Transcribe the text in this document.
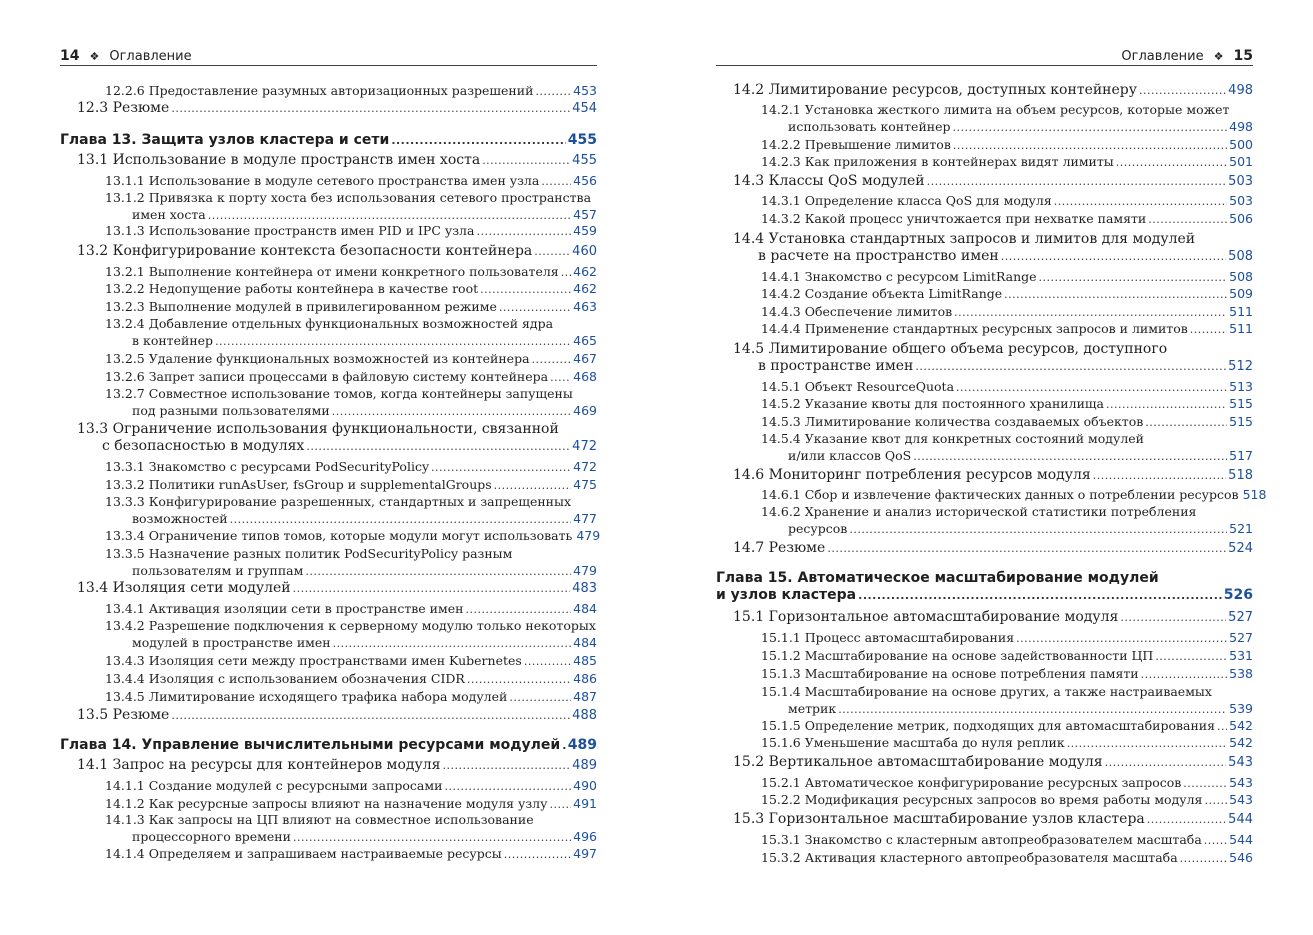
14 ❖ Оглавление
12.2.6 Предоставление разумных авторизационных разрешений .....	453
12.3 Резюме .....	454
Глава 13. Защита узлов кластера и сети .....	455
13.1 Использование в модуле пространств имен хоста .....	455
13.1.1 Использование в модуле сетевого пространства имен узла .....	456
13.1.2 Привязка к порту хоста без использования сетевого пространства
имен хоста .....	457
13.1.3 Использование пространств имен PID и IPC узла .....	459
13.2 Конфигурирование контекста безопасности контейнера .....	460
13.2.1 Выполнение контейнера от имени конкретного пользователя ..... 462
13.2.2 Недопущение работы контейнера в качестве root .....	462
13.2.3 Выполнение модулей в привилегированном режиме .....	463
13.2.4 Добавление отдельных функциональных возможностей ядра
в контейнер .....	465
13.2.5 Удаление функциональных возможностей из контейнера .....	467
13.2.6 Запрет записи процессами в файловую систему контейнера ..... 468
13.2.7 Совместное использование томов, когда контейнеры запущены
под разными пользователями .....	469
13.3 Ограничение использования функциональности, связанной
с безопасностью в модулях .....	472
13.3.1 Знакомство с ресурсами PodSecurityPolicy .....	472
13.3.2 Политики runAsUser, fsGroup и supplementalGroups .....	475
13.3.3 Конфигурирование разрешенных, стандартных и запрещенных
возможностей .....	477
13.3.4 Ограничение типов томов, которые модули могут использовать 479
13.3.5 Назначение разных политик PodSecurityPolicy разным
пользователям и группам .....	479
13.4 Изоляция сети модулей .....	483
13.4.1 Активация изоляции сети в пространстве имен .....	484
13.4.2 Разрешение подключения к серверному модулю только некоторых
модулей в пространстве имен .....	484
13.4.3 Изоляция сети между пространствами имен Kubernetes .....	485
13.4.4 Изоляция с использованием обозначения CIDR .....	486
13.4.5 Лимитирование исходящего трафика набора модулей .....	487
13.5 Резюме .....	488
Глава 14. Управление вычислительными ресурсами модулей ..... 489
14.1 Запрос на ресурсы для контейнеров модуля .....	489
14.1.1 Создание модулей с ресурсными запросами .....	490
14.1.2 Как ресурсные запросы влияют на назначение модуля узлу ..... 491
14.1.3 Как запросы на ЦП влияют на совместное использование
процессорного времени .....	496
14.1.4 Определяем и запрашиваем настраиваемые ресурсы .....	497
Оглавление ❖ 15
14.2 Лимитирование ресурсов, доступных контейнеру .....	498
14.2.1 Установка жесткого лимита на объем ресурсов, которые может
использовать контейнер .....	498
14.2.2 Превышение лимитов .....	500
14.2.3 Как приложения в контейнерах видят лимиты .....	501
14.3 Классы QoS модулей .....	503
14.3.1 Определение класса QoS для модуля .....	503
14.3.2 Какой процесс уничтожается при нехватке памяти .....	506
14.4 Установка стандартных запросов и лимитов для модулей
в расчете на пространство имен .....	508
14.4.1 Знакомство с ресурсом LimitRange .....	508
14.4.2 Создание объекта LimitRange .....	509
14.4.3 Обеспечение лимитов .....	511
14.4.4 Применение стандартных ресурсных запросов и лимитов .....	511
14.5 Лимитирование общего объема ресурсов, доступного
в пространстве имен .....	512
14.5.1 Объект ResourceQuota .....	513
14.5.2 Указание квоты для постоянного хранилища .....	515
14.5.3 Лимитирование количества создаваемых объектов .....	515
14.5.4 Указание квот для конкретных состояний модулей
и/или классов QoS .....	517
14.6 Мониторинг потребления ресурсов модуля .....	518
14.6.1 Сбор и извлечение фактических данных о потреблении ресурсов 518
14.6.2 Хранение и анализ исторической статистики потребления
ресурсов .....	521
14.7 Резюме .....	524
Глава 15. Автоматическое масштабирование модулей
и узлов кластера .....	526
15.1 Горизонтальное автомасштабирование модуля .....	527
15.1.1 Процесс автомасштабирования .....	527
15.1.2 Масштабирование на основе задействованности ЦП .....	531
15.1.3 Масштабирование на основе потребления памяти .....	538
15.1.4 Масштабирование на основе других, а также настраиваемых
метрик .....	539
15.1.5 Определение метрик, подходящих для автомасштабирования ..... 542
15.1.6 Уменьшение масштаба до нуля реплик .....	542
15.2 Вертикальное автомасштабирование модуля .....	543
15.2.1 Автоматическое конфигурирование ресурсных запросов .....	543
15.2.2 Модификация ресурсных запросов во время работы модуля ..... 543
15.3 Горизонтальное масштабирование узлов кластера .....	544
15.3.1 Знакомство с кластерным автопреобразователем масштаба ..... 544
15.3.2 Активация кластерного автопреобразователя масштаба .....	546
